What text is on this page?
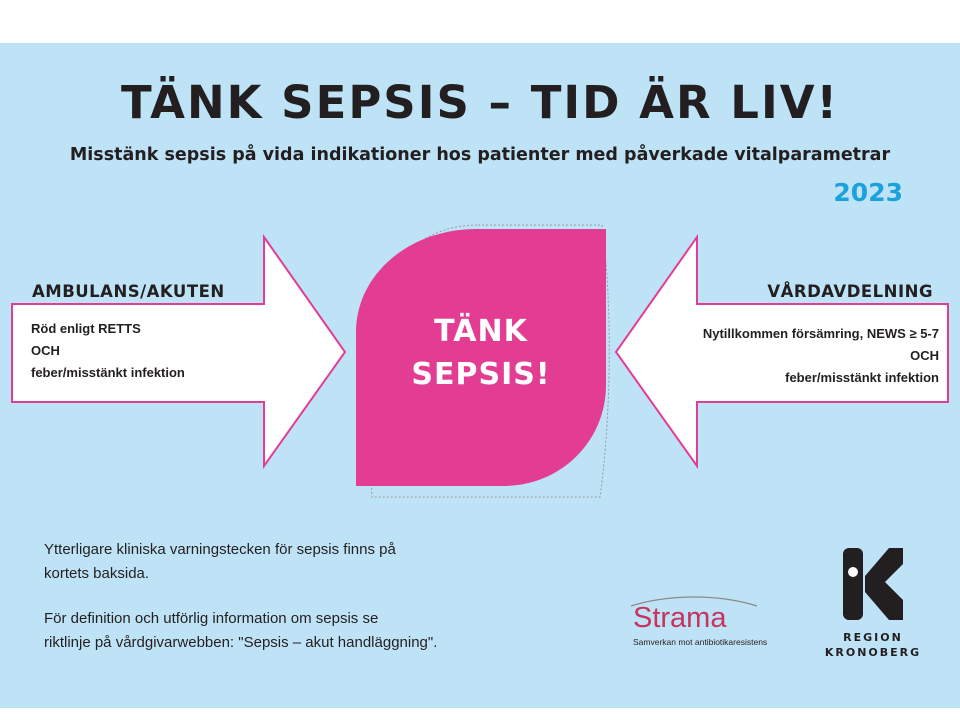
TÄNK SEPSIS – TID ÄR LIV!
Misstänk sepsis på vida indikationer hos patienter med påverkade vitalparametrar
2023
AMBULANS/AKUTEN
Röd enligt RETTS
OCH
feber/misstänkt infektion
VÅRDAVDELNING
Nytillkommen försämring, NEWS ≥ 5-7
OCH
feber/misstänkt infektion
TÄNK
SEPSIS!
Ytterligare kliniska varningstecken för sepsis finns på
kortets baksida.
För definition och utförlig information om sepsis se
riktlinje på vårdgivarwebben: "Sepsis – akut handläggning".
Strama
Samverkan mot antibiotikaresistens	REGION
KRONOBERG
